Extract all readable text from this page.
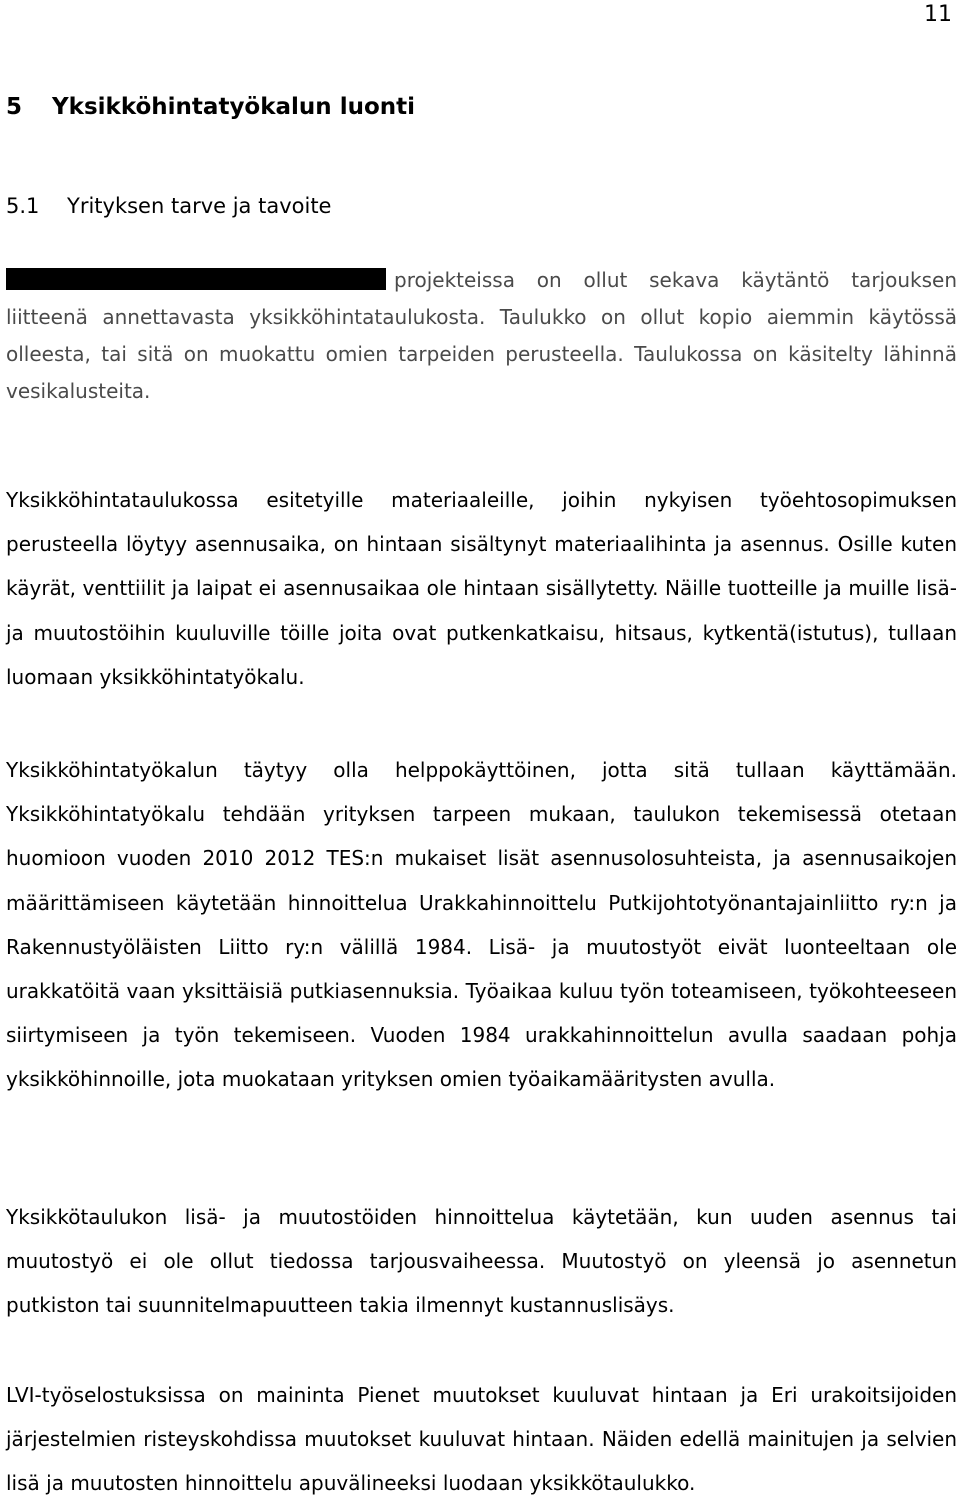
11
5 Yksikköhintatyökalun luonti
5.1 Yrityksen tarve ja tavoite

projekteissa on ollut sekava käytäntö tarjouksen liitteenä annettavasta yksikköhintataulukosta. Taulukko on ollut kopio aiemmin käytössä olleesta, tai sitä on muokattu omien tarpeiden perusteella. Taulukossa on käsitelty lähinnä vesikalusteita.

Yksikköhintataulukossa esitetyille materiaaleille, joihin nykyisen työehtosopimuksen perusteella löytyy asennusaika, on hintaan sisältynyt materiaalihinta ja asennus. Osille kuten käyrät, venttiilit ja laipat ei asennusaikaa ole hintaan sisällytetty. Näille tuotteille ja muille lisä- ja muutostöihin kuuluville töille joita ovat putkenkatkaisu, hitsaus, kytkentä(istutus), tullaan luomaan yksikköhintatyökalu.

Yksikköhintatyökalun täytyy olla helppokäyttöinen, jotta sitä tullaan käyttämään. Yksikköhintatyökalu tehdään yrityksen tarpeen mukaan, taulukon tekemisessä otetaan huomioon vuoden 2010 2012 TES:n mukaiset lisät asennusolosuhteista, ja asennusaikojen määrittämiseen käytetään hinnoittelua Urakkahinnoittelu Putkijohtotyönantajainliitto ry:n ja Rakennustyöläisten Liitto ry:n välillä 1984. Lisä- ja muutostyöt eivät luonteeltaan ole urakkatöitä vaan yksittäisiä putkiasennuksia. Työaikaa kuluu työn toteamiseen, työkohteeseen siirtymiseen ja työn tekemiseen. Vuoden 1984 urakkahinnoittelun avulla saadaan pohja yksikköhinnoille, jota muokataan yrityksen omien työaikamääritysten avulla.

Yksikkötaulukon lisä- ja muutostöiden hinnoittelua käytetään, kun uuden asennus tai muutostyö ei ole ollut tiedossa tarjousvaiheessa. Muutostyö on yleensä jo asennetun putkiston tai suunnitelmapuutteen takia ilmennyt kustannuslisäys.

LVI-työselostuksissa on maininta Pienet muutokset kuuluvat hintaan ja Eri urakoitsijoiden järjestelmien risteyskohdissa muutokset kuuluvat hintaan. Näiden edellä mainitujen ja selvien lisä ja muutosten hinnoittelu apuvälineeksi luodaan yksikkötaulukko.
